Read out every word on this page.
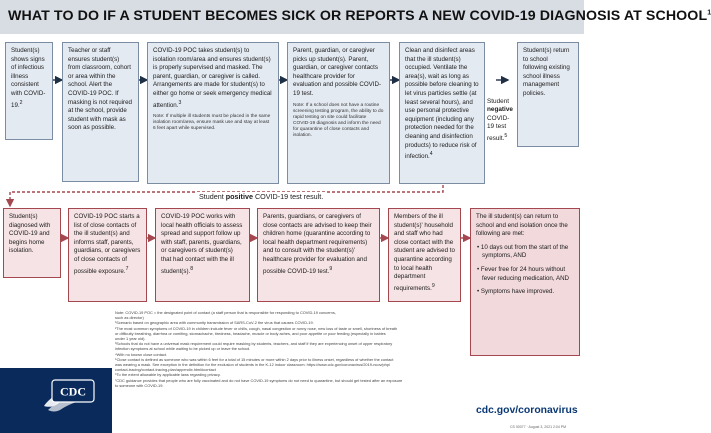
WHAT TO DO IF A STUDENT BECOMES SICK OR REPORTS A NEW COVID-19 DIAGNOSIS AT SCHOOL$^1$
Student(s) shows signs of infectious illness consistent with COVID-19.$^2$
Teacher or staff ensures student(s) from classroom, cohort or area within the school. Alert the COVID-19 POC. If masking is not required at the school, provide student with mask as soon as possible.
COVID-19 POC takes student(s) to isolation room/area and ensures student(s) is properly supervised and masked. The parent, guardian, or caregiver is called. Arrangements are made for student(s) to either go home or seek emergency medical attention.$^3$
Note: If multiple ill students must be placed in the same isolation room/area, ensure mask use and stay at least 6 feet apart while supervised.
Parent, guardian, or caregiver picks up student(s). Parent, guardian, or caregiver contacts healthcare provider for evaluation and possible COVID-19 test.
Note: If a school does not have a routine screening testing program, the ability to do rapid testing on site could facilitate COVID-19 diagnosis and inform the need for quarantine of close contacts and isolation.
Clean and disinfect areas that the ill student(s) occupied. Ventilate the area(s), wait as long as possible before cleaning to let virus particles settle (at least several hours), and use personal protective equipment (including any protection needed for the cleaning and disinfection products) to reduce risk of infection.$^4$
Student negative COVID-19 test result.$^5$
Student(s) return to school following existing school illness management policies.
Student positive COVID-19 test result.
Student(s) diagnosed with COVID-19 and begins home isolation.
COVID-19 POC starts a list of close contacts of the ill student(s) and informs staff, parents, guardians, or caregivers of close contacts of possible exposure.$^7$
COVID-19 POC works with local health officials to assess spread and support follow up with staff, parents, guardians, or caregivers of student(s) that had contact with the ill student(s).$^8$
Parents, guardians, or caregivers of close contacts are advised to keep their children home (quarantine according to local health department requirements) and to consult with the student(s)' healthcare provider for evaluation and possible COVID-19 test.$^9$
Members of the ill student(s)' household and staff who had close contact with the student are advised to quarantine according to local health department requirements.$^9$
The ill student(s) can return to school and end isolation once the following are met:
• 10 days out from the start of the symptoms, AND
• Fever free for 24 hours without fever reducing medication, AND
• Symptoms have improved.
Note: COVID-19 POC = the designated point of contact (a staff person that is responsible for responding to COVID-19 concerns,
such as director)
¹Scenario based on geographic area with community transmission of SARS-CoV-2 the virus that causes COVID-19.
²The most common symptoms of COVID-19 in children include fever or chills, cough, nasal congestion or runny nose, new loss of taste or smell, shortness of breath
or difficulty breathing, diarrhea or vomiting, stomachache, tiredness, headache, muscle or body aches, and poor appetite or poor feeding (especially in babies
under 1 year old).
³Schools that do not have a universal mask requirement could require masking by students, teachers, and staff if they are experiencing onset of upper respiratory
infection symptoms at school while waiting to be picked up or leave the school.
⁴With no known close contact.
⁵Close contact is defined as someone who was within 6 feet for a total of 15 minutes or more within 2 days prior to illness onset, regardless of whether the contact
was wearing a mask. See exception in the definition for the exclusion of students in the K-12 indoor classroom: https://www.cdc.gov/coronavirus/2019-ncov/php/
contact-tracing/contact-tracing-plan/appendix.html#contact
⁶To the extent allowable by applicable laws regarding privacy.
⁷CDC guidance provides that people who are fully vaccinated and do not have COVID-19 symptoms do not need to quarantine, but should get tested after an exposure
to someone with COVID-19.
CDC
cdc.gov/coronavirus
CS 00077 · August 3, 2021 2:04 PM
